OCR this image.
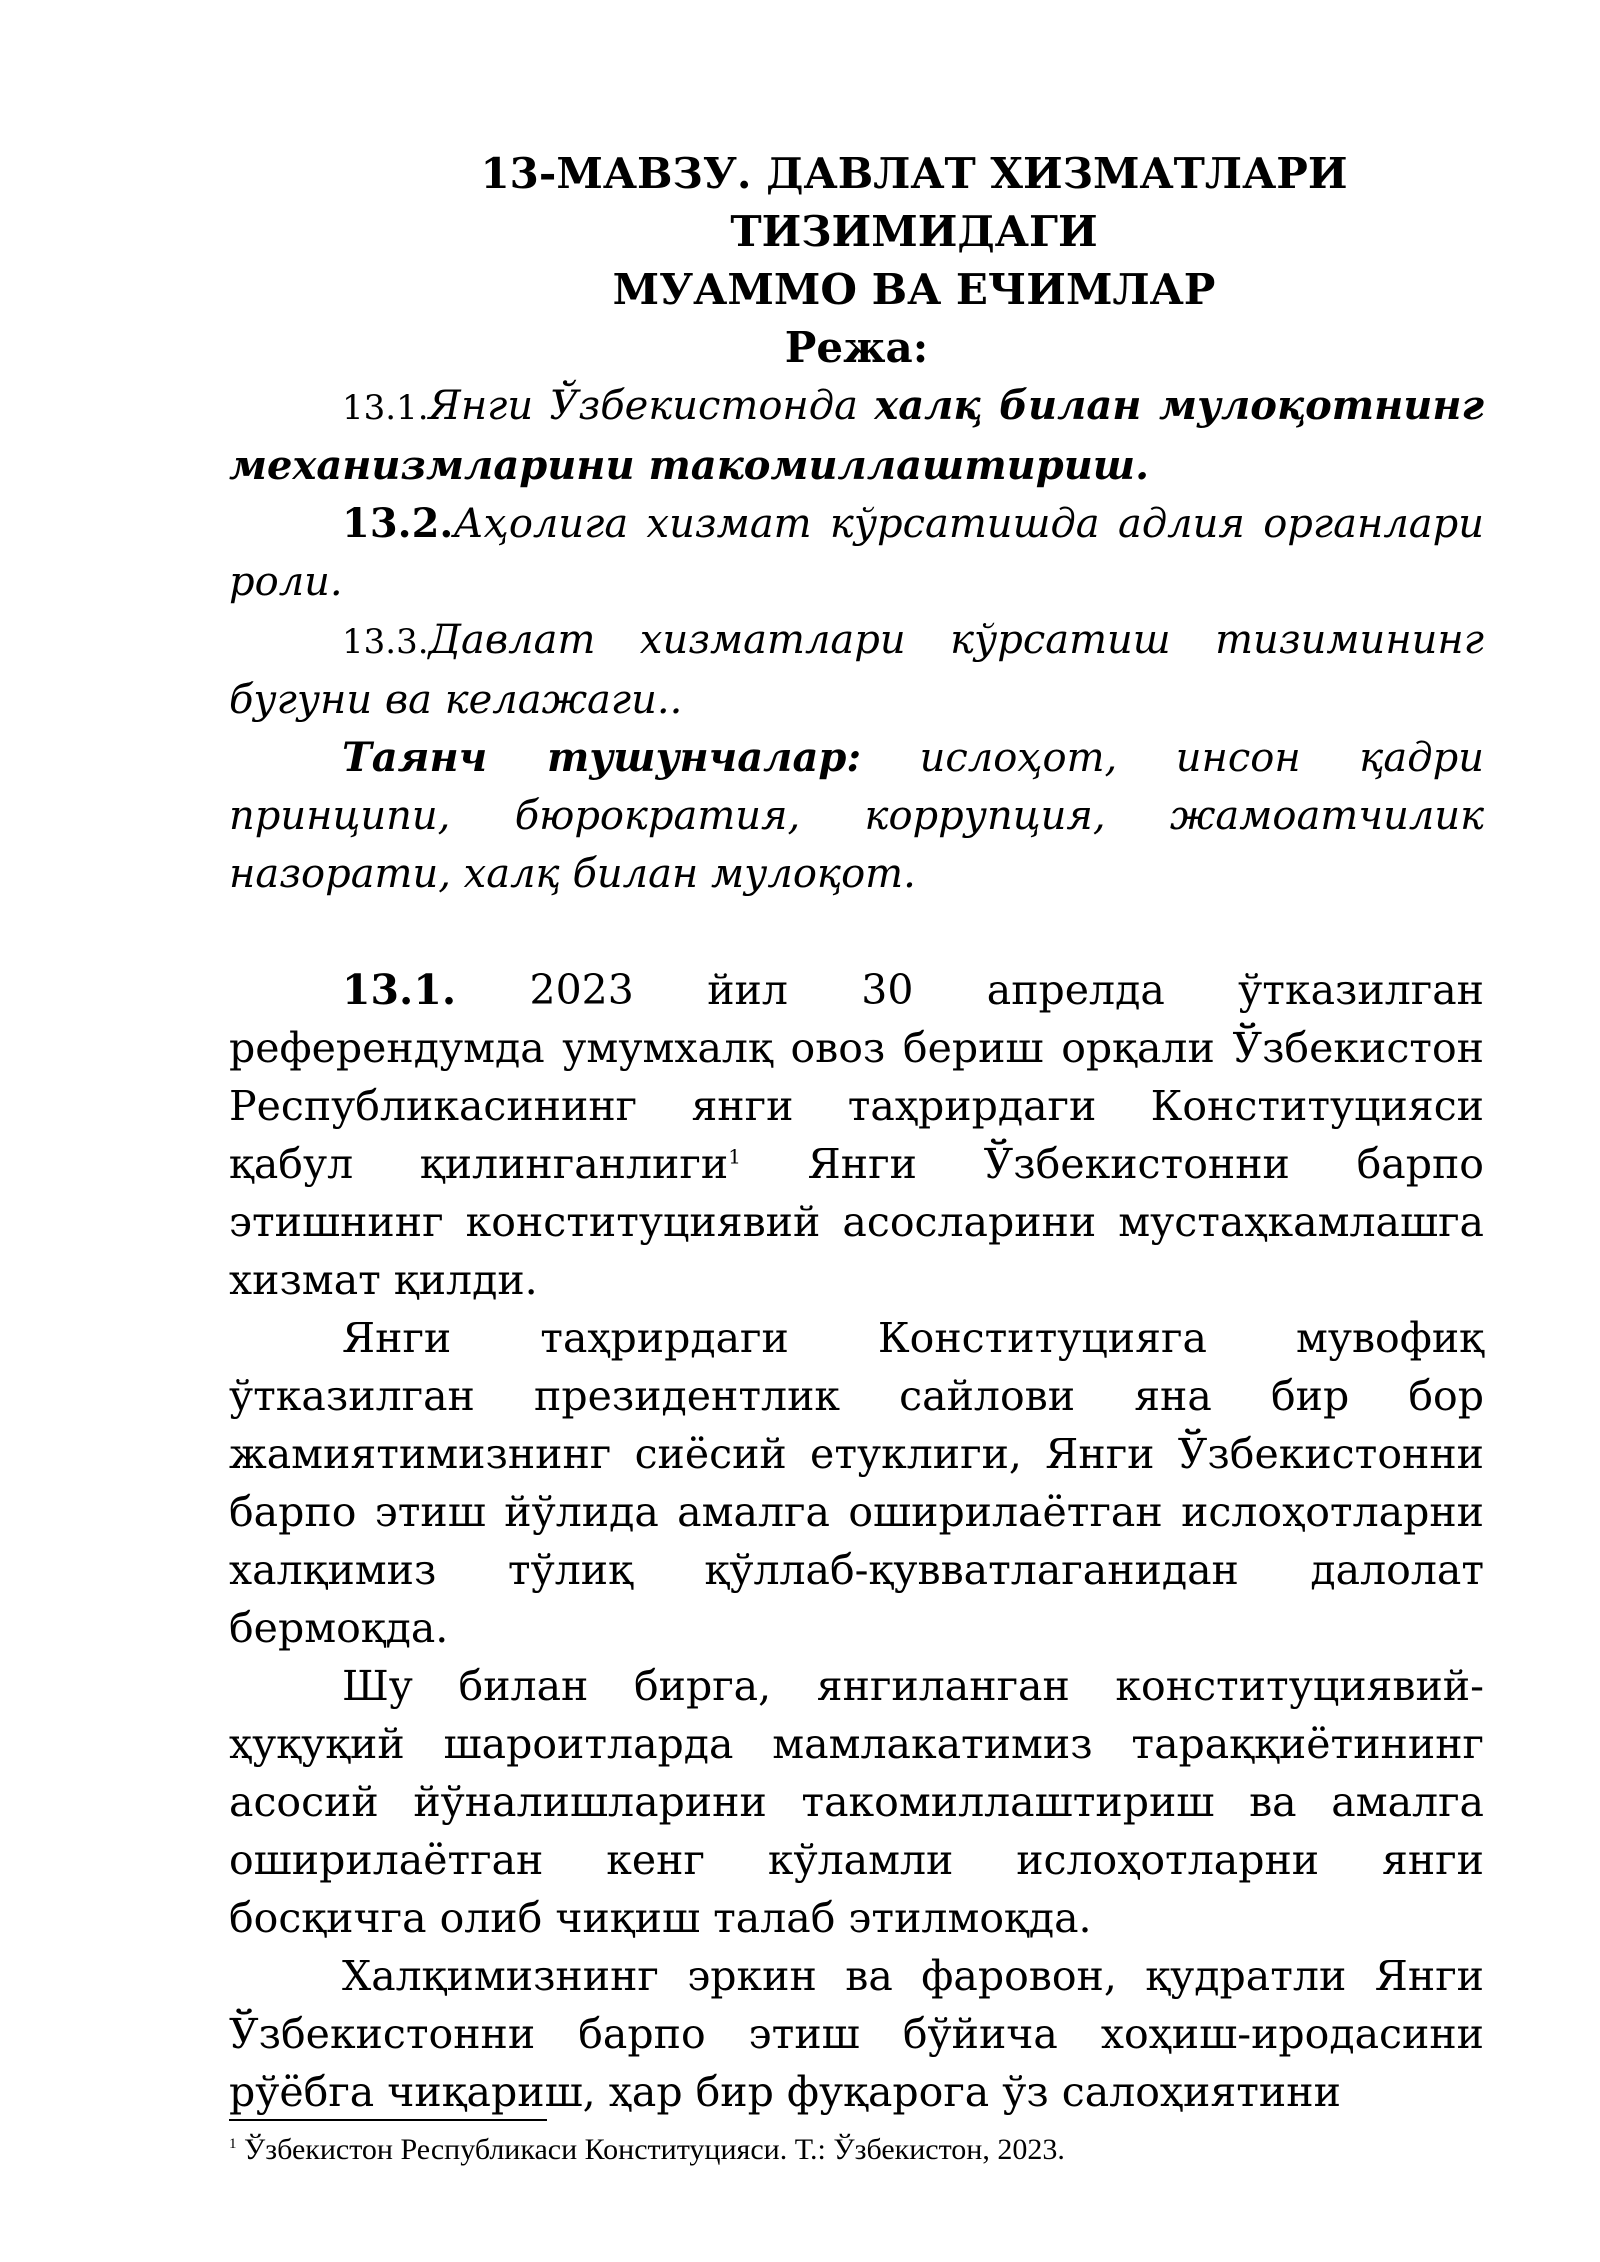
13-МАВЗУ. ДАВЛАТ ХИЗМАТЛАРИ ТИЗИМИДАГИ
МУАММО ВА ЕЧИМЛАР

Режа:

13.1.Янги Ўзбекистонда халқ билан мулоқотнинг механизмларини такомиллаштириш.

13.2.Аҳолига хизмат кўрсатишда адлия органлари роли.

13.3.Давлат хизматлари кўрсатиш тизимининг бугуни ва келажаги..

Таянч тушунчалар: ислоҳот, инсон қадри принципи, бюрократия, коррупция, жамоатчилик назорати, халқ билан мулоқот.

13.1. 2023 йил 30 апрелда ўтказилган референдумда умумхалқ овоз бериш орқали Ўзбекистон Республикасининг янги таҳрирдаги Конституцияси қабул қилинганлиги$^1$ Янги Ўзбекистонни барпо этишнинг конституциявий асосларини мустаҳкамлашга хизмат қилди.

Янги таҳрирдаги Конституцияга мувофиқ ўтказилган президентлик сайлови яна бир бор жамиятимизнинг сиёсий етуклиги, Янги Ўзбекистонни барпо этиш йўлида амалга оширилаётган ислоҳотларни халқимиз тўлиқ қўллаб-қувватлаганидан далолат бермоқда.

Шу билан бирга, янгиланган конституциявий-ҳуқуқий шароитларда мамлакатимиз тараққиётининг асосий йўналишларини такомиллаштириш ва амалга оширилаётган кенг кўламли ислоҳотларни янги босқичга олиб чиқиш талаб этилмоқда.

Халқимизнинг эркин ва фаровон, қудратли Янги Ўзбекистонни барпо этиш бўйича хоҳиш-иродасини рўёбга чиқариш, ҳар бир фуқарога ўз салоҳиятини

$^1$ Ўзбекистон Республикаси Конституцияси. Т.: Ўзбекистон, 2023.
